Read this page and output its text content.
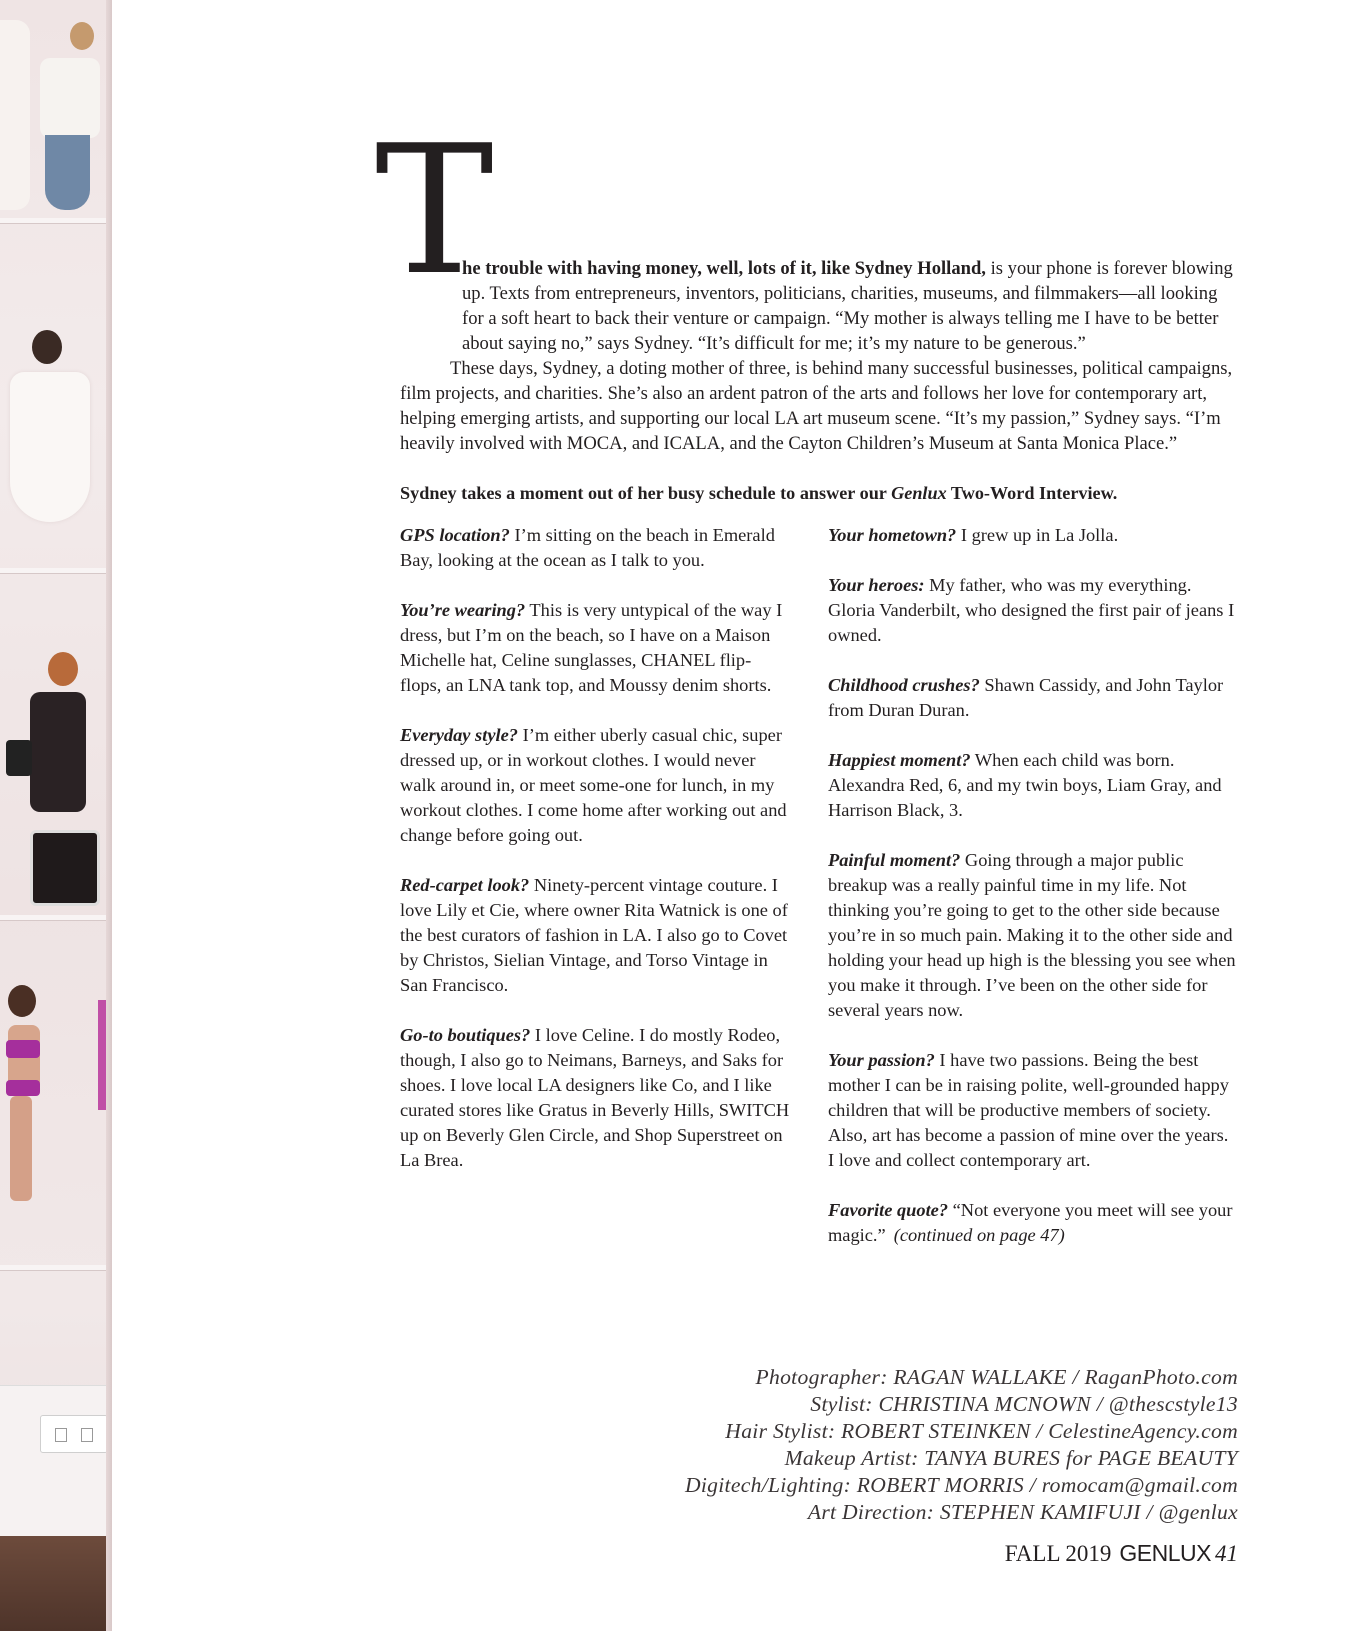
T

he trouble with having money, well, lots of it, like Sydney Holland, is your phone is forever blowing up. Texts from entrepreneurs, inventors, politicians, charities, museums, and filmmakers—all looking for a soft heart to back their venture or campaign. “My mother is always telling me I have to be better about saying no,” says Sydney. “It’s difficult for me; it’s my nature to be generous.”

These days, Sydney, a doting mother of three, is behind many successful businesses, political campaigns, film projects, and charities. She’s also an ardent patron of the arts and follows her love for contemporary art, helping emerging artists, and supporting our local LA art museum scene. “It’s my passion,” Sydney says. “I’m heavily involved with MOCA, and ICALA, and the Cayton Children’s Museum at Santa Monica Place.”

Sydney takes a moment out of her busy schedule to answer our Genlux Two-Word Interview.

GPS location? I’m sitting on the beach in Emerald Bay, looking at the ocean as I talk to you.

You’re wearing? This is very untypical of the way I dress, but I’m on the beach, so I have on a Maison Michelle hat, Celine sunglasses, CHANEL flip-flops, an LNA tank top, and Moussy denim shorts.

Everyday style? I’m either uberly casual chic, super dressed up, or in workout clothes. I would never walk around in, or meet some-one for lunch, in my workout clothes. I come home after working out and change before going out.

Red-carpet look? Ninety-percent vintage couture. I love Lily et Cie, where owner Rita Watnick is one of the best curators of fashion in LA. I also go to Covet by Christos, Sielian Vintage, and Torso Vintage in San Francisco.

Go-to boutiques? I love Celine. I do mostly Rodeo, though, I also go to Neimans, Barneys, and Saks for shoes. I love local LA designers like Co, and I like curated stores like Gratus in Beverly Hills, SWITCH up on Beverly Glen Circle, and Shop Superstreet on La Brea.

Your hometown? I grew up in La Jolla.

Your heroes: My father, who was my everything. Gloria Vanderbilt, who designed the first pair of jeans I owned.

Childhood crushes? Shawn Cassidy, and John Taylor from Duran Duran.

Happiest moment? When each child was born. Alexandra Red, 6, and my twin boys, Liam Gray, and Harrison Black, 3.

Painful moment? Going through a major public breakup was a really painful time in my life. Not thinking you’re going to get to the other side because you’re in so much pain. Making it to the other side and holding your head up high is the blessing you see when you make it through. I’ve been on the other side for several years now.

Your passion? I have two passions. Being the best mother I can be in raising polite, well-grounded happy children that will be productive members of society. Also, art has become a passion of mine over the years. I love and collect contemporary art.

Favorite quote? “Not everyone you meet will see your magic.” (continued on page 47)

Photographer: RAGAN WALLAKE / RaganPhoto.com
Stylist: CHRISTINA MCNOWN / @thescstyle13
Hair Stylist: ROBERT STEINKEN / CelestineAgency.com
Makeup Artist: TANYA BURES for PAGE BEAUTY
Digitech/Lighting: ROBERT MORRIS / romocam@gmail.com
Art Direction: STEPHEN KAMIFUJI / @genlux
FALL 2019 GENLUX 41
